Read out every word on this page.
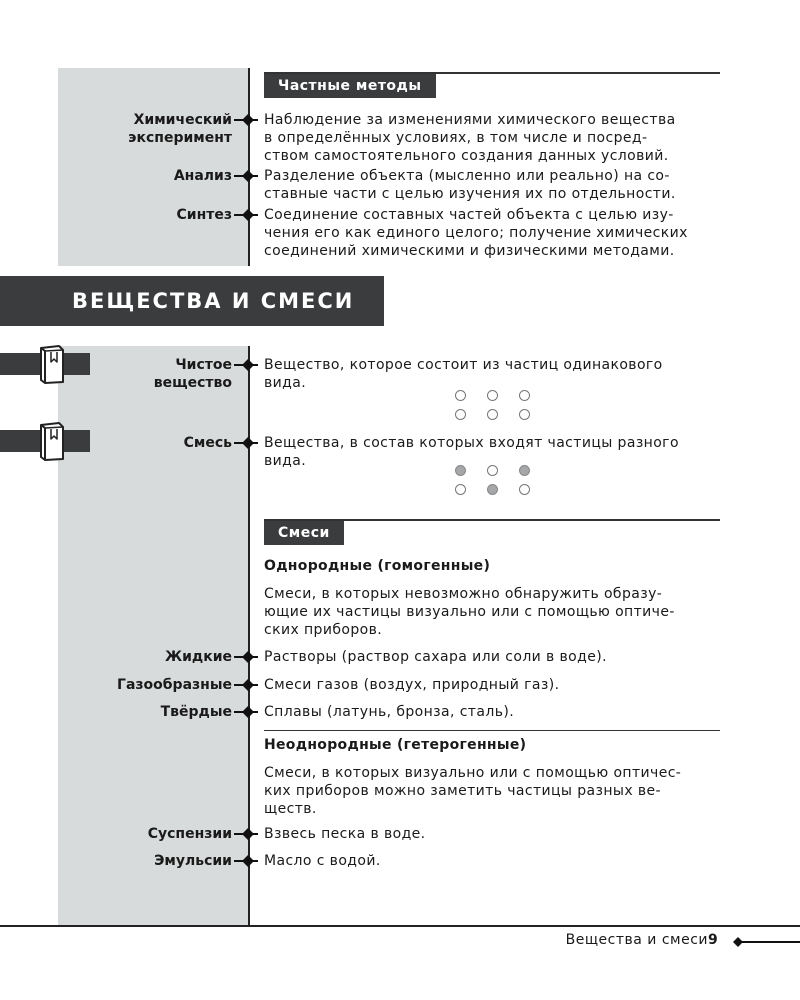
Частные методы
Химический
эксперимент
Наблюдение за изменениями химического вещества
в определённых условиях, в том числе и посред-
ством самостоятельного создания данных условий.
Анализ Разделение объекта (мысленно или реально) на со-
ставные части с целью изучения их по отдельности.
Синтез Соединение составных частей объекта с целью изу-
чения его как единого целого; получение химических
соединений химическими и физическими методами.
ВЕЩЕСТВА И СМЕСИ
Чистое
вещество
Вещество, которое состоит из частиц одинакового
вида.
Смесь Вещества, в состав которых входят частицы разного
вида.
Смеси
Однородные (гомогенные)
Смеси, в которых невозможно обнаружить образу-
ющие их частицы визуально или с помощью оптиче-
ских приборов.
Жидкие Растворы (раствор сахара или соли в воде).
Газообразные Смеси газов (воздух, природный газ).
Твёрдые Сплавы (латунь, бронза, сталь).
Неоднородные (гетерогенные)
Смеси, в которых визуально или с помощью оптичес-
ких приборов можно заметить частицы разных ве-
ществ.
Суспензии Взвесь песка в воде.
Эмульсии Масло с водой.
Вещества и смеси 9
